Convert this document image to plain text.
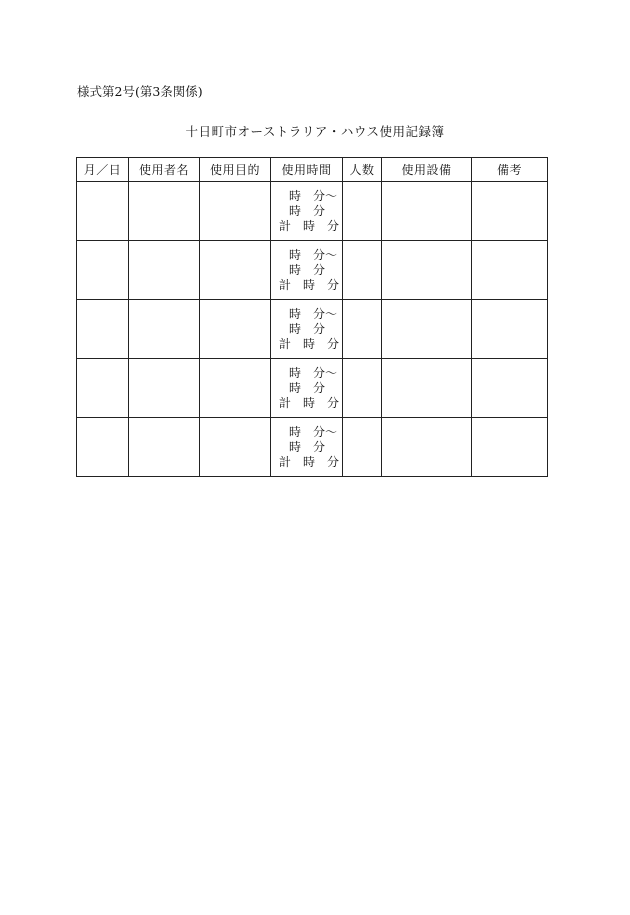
様式第2号(第3条関係)
十日町市オーストラリア・ハウス使用記録簿
月／日	使用者名	使用目的	使用時間	人数	使用設備	備考

			時　分～
時　分
計　時　分			

			時　分～
時　分
計　時　分			

			時　分～
時　分
計　時　分			

			時　分～
時　分
計　時　分			

			時　分～
時　分
計　時　分			
